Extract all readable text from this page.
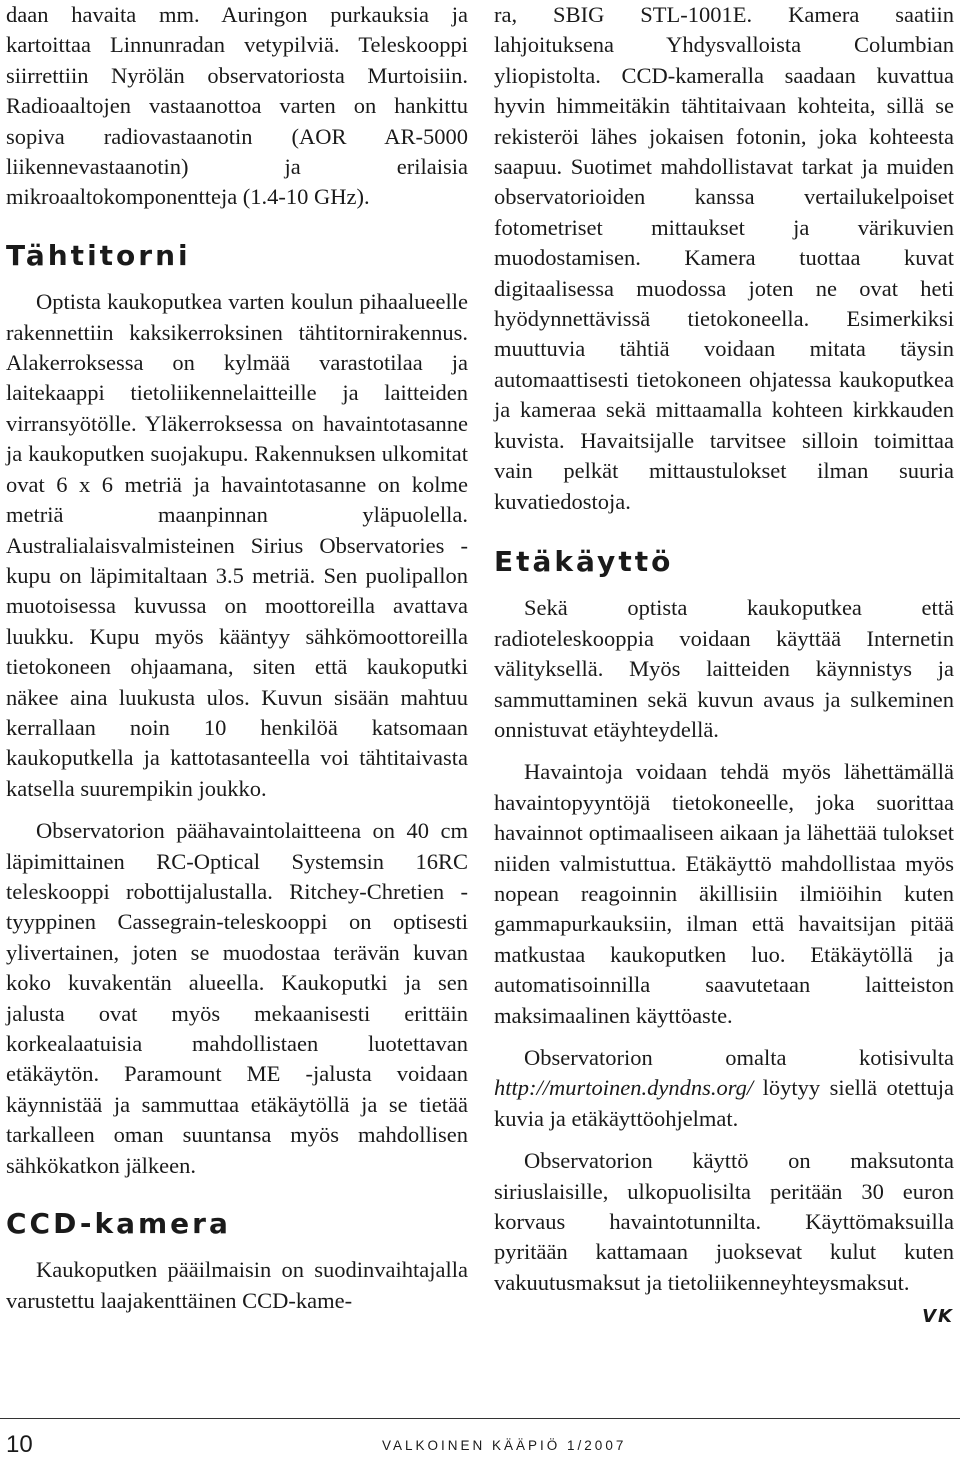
daan havaita mm. Auringon purkauksia ja kartoittaa Linnunradan vetypilviä. Teleskooppi siirrettiin Nyrölän observatoriosta Murtoisiin. Radioaaltojen vastaanottoa varten on hankittu sopiva radiovastaanotin (AOR AR-5000 liikennevastaanotin) ja erilaisia mikroaaltokomponentteja (1.4-10 GHz).

Tähtitorni

Optista kaukoputkea varten koulun pihaalueelle rakennettiin kaksikerroksinen tähtitornirakennus. Alakerroksessa on kylmää varastotilaa ja laitekaappi tietoliikennelaitteille ja laitteiden virransyötölle. Yläkerroksessa on havaintotasanne ja kaukoputken suojakupu. Rakennuksen ulkomitat ovat 6 x 6 metriä ja havaintotasanne on kolme metriä maanpinnan yläpuolella. Australialaisvalmisteinen Sirius Observatories -kupu on läpimitaltaan 3.5 metriä. Sen puolipallon muotoisessa kuvussa on moottoreilla avattava luukku. Kupu myös kääntyy sähkömoottoreilla tietokoneen ohjaamana, siten että kaukoputki näkee aina luukusta ulos. Kuvun sisään mahtuu kerrallaan noin 10 henkilöä katsomaan kaukoputkella ja kattotasanteella voi tähtitaivasta katsella suurempikin joukko.

Observatorion päähavaintolaitteena on 40 cm läpimittainen RC-Optical Systemsin 16RC teleskooppi robottijalustalla. Ritchey-Chretien -tyyppinen Cassegrain-teleskooppi on optisesti ylivertainen, joten se muodostaa terävän kuvan koko kuvakentän alueella. Kaukoputki ja sen jalusta ovat myös mekaanisesti erittäin korkealaatuisia mahdollistaen luotettavan etäkäytön. Paramount ME -jalusta voidaan käynnistää ja sammuttaa etäkäytöllä ja se tietää tarkalleen oman suuntansa myös mahdollisen sähkökatkon jälkeen.

CCD-kamera

Kaukoputken pääilmaisin on suodinvaihtajalla varustettu laajakenttäinen CCD-kame-

ra, SBIG STL-1001E. Kamera saatiin lahjoituksena Yhdysvalloista Columbian yliopistolta. CCD-kameralla saadaan kuvattua hyvin himmeitäkin tähtitaivaan kohteita, sillä se rekisteröi lähes jokaisen fotonin, joka kohteesta saapuu. Suotimet mahdollistavat tarkat ja muiden observatorioiden kanssa vertailukelpoiset fotometriset mittaukset ja värikuvien muodostamisen. Kamera tuottaa kuvat digitaalisessa muodossa joten ne ovat heti hyödynnettävissä tietokoneella. Esimerkiksi muuttuvia tähtiä voidaan mitata täysin automaattisesti tietokoneen ohjatessa kaukoputkea ja kameraa sekä mittaamalla kohteen kirkkauden kuvista. Havaitsijalle tarvitsee silloin toimittaa vain pelkät mittaustulokset ilman suuria kuvatiedostoja.

Etäkäyttö

Sekä optista kaukoputkea että radioteleskooppia voidaan käyttää Internetin välityksellä. Myös laitteiden käynnistys ja sammuttaminen sekä kuvun avaus ja sulkeminen onnistuvat etäyhteydellä.

Havaintoja voidaan tehdä myös lähettämällä havaintopyyntöjä tietokoneelle, joka suorittaa havainnot optimaaliseen aikaan ja lähettää tulokset niiden valmistuttua. Etäkäyttö mahdollistaa myös nopean reagoinnin äkillisiin ilmiöihin kuten gammapurkauksiin, ilman että havaitsijan pitää matkustaa kaukoputken luo. Etäkäytöllä ja automatisoinnilla saavutetaan laitteiston maksimaalinen käyttöaste.

Observatorion omalta kotisivulta http://murtoinen.dyndns.org/ löytyy siellä otettuja kuvia ja etäkäyttöohjelmat.

Observatorion käyttö on maksutonta siriuslaisille, ulkopuolisilta peritään 30 euron korvaus havaintotunnilta. Käyttömaksuilla pyritään kattamaan juoksevat kulut kuten vakuutusmaksut ja tietoliikenneyhteysmaksut.
VK

10	VALKOINEN KÄÄPIÖ 1/2007
